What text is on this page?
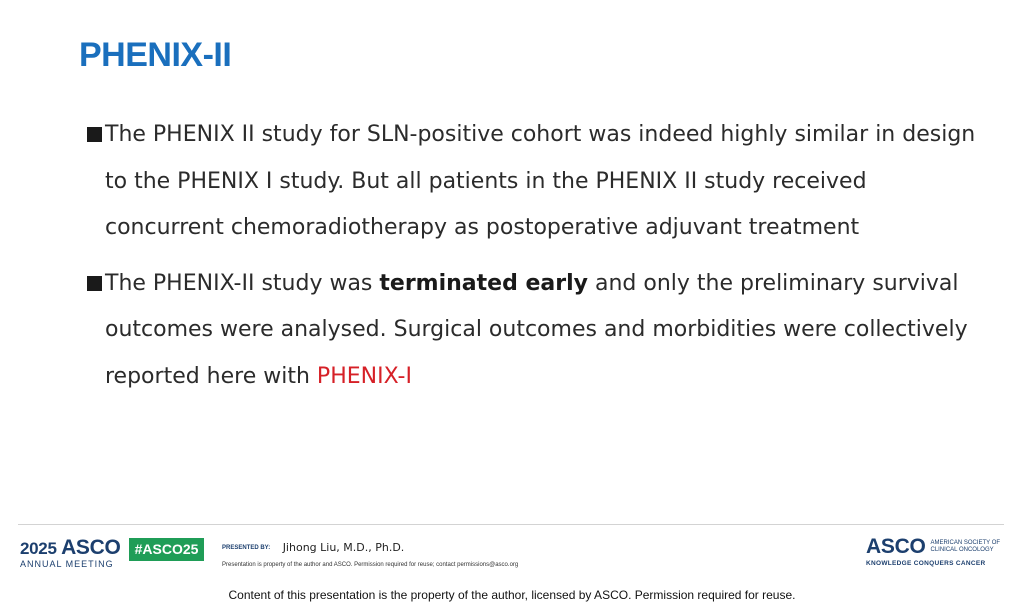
PHENIX-II
The PHENIX II study for SLN-positive cohort was indeed highly similar in design to the PHENIX I study. But all patients in the PHENIX II study received concurrent chemoradiotherapy as postoperative adjuvant treatment
The PHENIX-II study was terminated early and only the preliminary survival outcomes were analysed. Surgical outcomes and morbidities were collectively reported here with PHENIX-I
2025 ASCO
ANNUAL MEETING
#ASCO25	PRESENTED BY: Jihong Liu, M.D., Ph.D.
Presentation is property of the author and ASCO. Permission required for reuse; contact permissions@asco.org
ASCO AMERICAN SOCIETY OF
CLINICAL ONCOLOGY
KNOWLEDGE CONQUERS CANCER
Content of this presentation is the property of the author, licensed by ASCO. Permission required for reuse.
